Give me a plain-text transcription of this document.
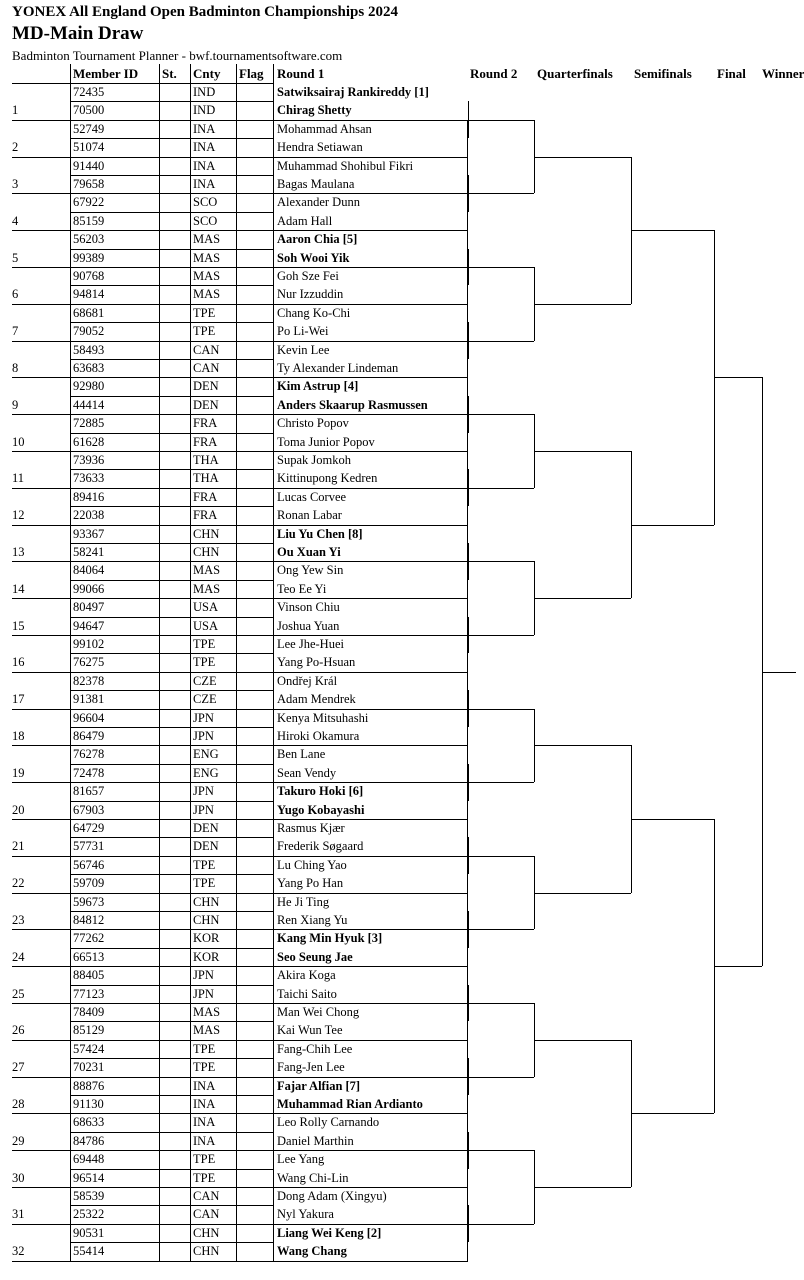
YONEX All England Open Badminton Championships 2024
MD-Main Draw
Badminton Tournament Planner - bwf.tournamentsoftware.com
Member ID St. Cnty Flag Round 1	Round 2 Quarterfinals Semifinals Final Winner
1
72435	IND	Satwiksairaj Rankireddy [1]
70500	IND	Chirag Shetty
2
52749	INA	Mohammad Ahsan
51074	INA	Hendra Setiawan
3
91440	INA	Muhammad Shohibul Fikri
79658	INA	Bagas Maulana
4
67922	SCO	Alexander Dunn
85159	SCO	Adam Hall
5
56203	MAS	Aaron Chia [5]
99389	MAS	Soh Wooi Yik
6
90768	MAS	Goh Sze Fei
94814	MAS	Nur Izzuddin
7
68681	TPE	Chang Ko-Chi
79052	TPE	Po Li-Wei
8
58493	CAN	Kevin Lee
63683	CAN	Ty Alexander Lindeman
9
92980	DEN	Kim Astrup [4]
44414	DEN	Anders Skaarup Rasmussen
10
72885	FRA	Christo Popov
61628	FRA	Toma Junior Popov
11
73936	THA	Supak Jomkoh
73633	THA	Kittinupong Kedren
12
89416	FRA	Lucas Corvee
22038	FRA	Ronan Labar
13
93367	CHN	Liu Yu Chen [8]
58241	CHN	Ou Xuan Yi
14
84064	MAS	Ong Yew Sin
99066	MAS	Teo Ee Yi
15
80497	USA	Vinson Chiu
94647	USA	Joshua Yuan
16
99102	TPE	Lee Jhe-Huei
76275	TPE	Yang Po-Hsuan
17
82378	CZE	Ondřej Král
91381	CZE	Adam Mendrek
18
96604	JPN	Kenya Mitsuhashi
86479	JPN	Hiroki Okamura
19
76278	ENG	Ben Lane
72478	ENG	Sean Vendy
20
81657	JPN	Takuro Hoki [6]
67903	JPN	Yugo Kobayashi
21
64729	DEN	Rasmus Kjær
57731	DEN	Frederik Søgaard
22
56746	TPE	Lu Ching Yao
59709	TPE	Yang Po Han
23
59673	CHN	He Ji Ting
84812	CHN	Ren Xiang Yu
24
77262	KOR	Kang Min Hyuk [3]
66513	KOR	Seo Seung Jae
25
88405	JPN	Akira Koga
77123	JPN	Taichi Saito
26
78409	MAS	Man Wei Chong
85129	MAS	Kai Wun Tee
27
57424	TPE	Fang-Chih Lee
70231	TPE	Fang-Jen Lee
28
88876	INA	Fajar Alfian [7]
91130	INA	Muhammad Rian Ardianto
29
68633	INA	Leo Rolly Carnando
84786	INA	Daniel Marthin
30
69448	TPE	Lee Yang
96514	TPE	Wang Chi-Lin
31
58539	CAN	Dong Adam (Xingyu)
25322	CAN	Nyl Yakura
32
90531	CHN	Liang Wei Keng [2]
55414	CHN	Wang Chang
